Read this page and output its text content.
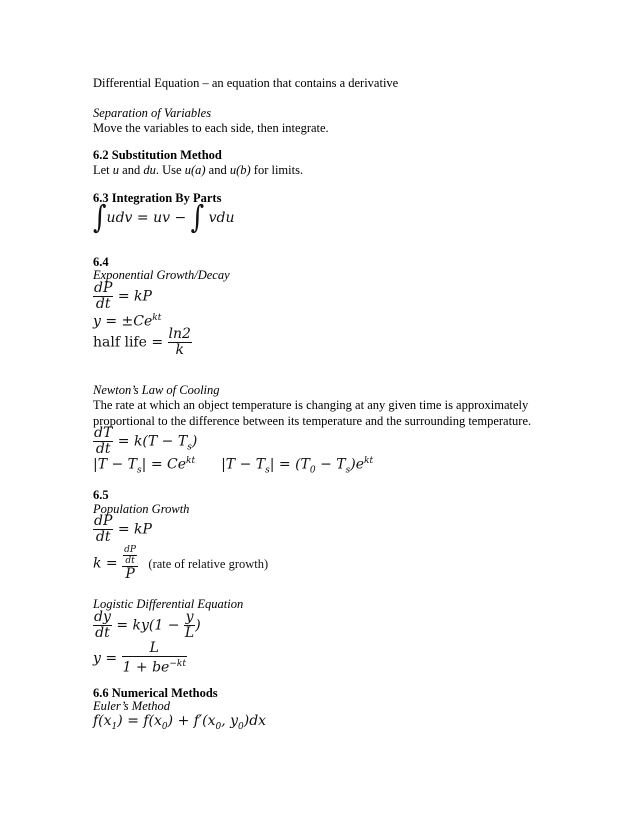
Differential Equation – an equation that contains a derivative
Separation of Variables
Move the variables to each side, then integrate.
6.2 Substitution Method
Let u and du. Use u(a) and u(b) for limits.
6.3 Integration By Parts
∫udv = uv − ∫ vdu
6.4
Exponential Growth/Decay
$\frac{dP}{dt}$ = kP
$y = \pm Ce^{kt}$
half life = $\frac{\ln 2}{k}$
Newton’s Law of Cooling
The rate at which an object temperature is changing at any given time is approximately proportional to the difference between its temperature and the surrounding temperature.
$\frac{dT}{dt} = k(T - T_s)$
$|T - T_s| = Ce^{kt}$ $|T - T_s| = (T_0 - T_s)e^{kt}$
6.5
Population Growth
$\frac{dP}{dt}$ = kP
$k = \frac{\frac{dP}{dt}}{P}$ (rate of relative growth)
Logistic Differential Equation
$\frac{dy}{dt} = ky(1 - \frac{y}{L}$ )
$y = \frac{L}{1 + be^{-kt}}$
6.6 Numerical Methods
Euler’s Method
$f(x_1) = f(x_0) + f'(x_0$, $y_0)dx$
